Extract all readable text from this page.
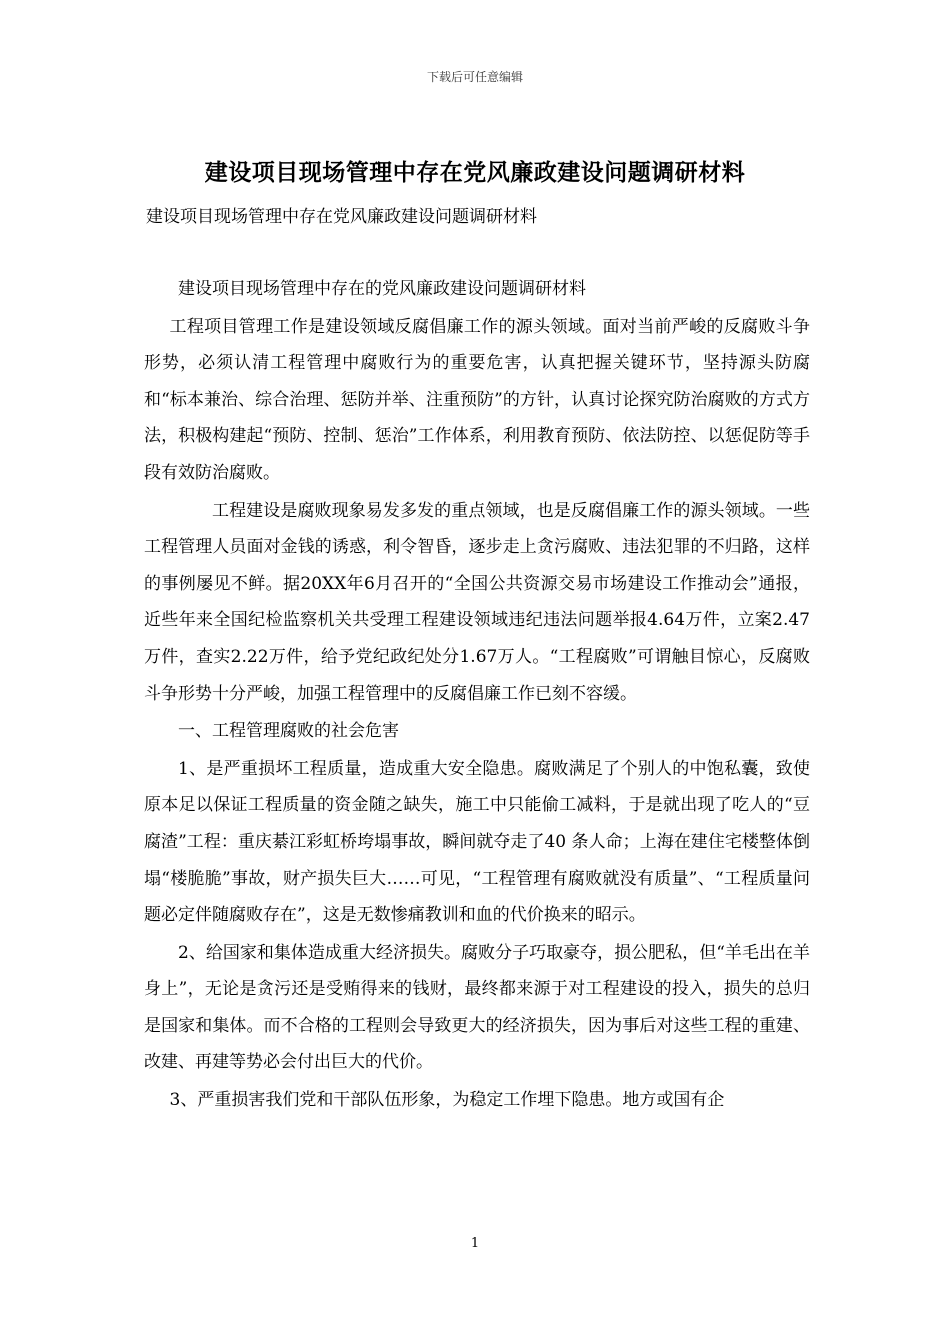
下载后可任意编辑
建设项目现场管理中存在党风廉政建设问题调研材料
建设项目现场管理中存在党风廉政建设问题调研材料

建设项目现场管理中存在的党风廉政建设问题调研材料

工程项目管理工作是建设领域反腐倡廉工作的源头领域。面对当前严峻的反腐败斗争形势，必须认清工程管理中腐败行为的重要危害，认真把握关键环节，坚持源头防腐和“标本兼治、综合治理、惩防并举、注重预防”的方针，认真讨论探究防治腐败的方式方法，积极构建起“预防、控制、惩治”工作体系，利用教育预防、依法防控、以惩促防等手段有效防治腐败。

工程建设是腐败现象易发多发的重点领域，也是反腐倡廉工作的源头领域。一些工程管理人员面对金钱的诱惑，利令智昏，逐步走上贪污腐败、违法犯罪的不归路，这样的事例屡见不鲜。据20XX年6月召开的“全国公共资源交易市场建设工作推动会”通报，近些年来全国纪检监察机关共受理工程建设领域违纪违法问题举报4.64万件，立案2.47万件，查实2.22万件，给予党纪政纪处分1.67万人。“工程腐败”可谓触目惊心，反腐败斗争形势十分严峻，加强工程管理中的反腐倡廉工作已刻不容缓。

一、工程管理腐败的社会危害

1、是严重损坏工程质量，造成重大安全隐患。腐败满足了个别人的中饱私囊，致使原本足以保证工程质量的资金随之缺失，施工中只能偷工减料，于是就出现了吃人的“豆腐渣”工程：重庆綦江彩虹桥垮塌事故，瞬间就夺走了40 条人命；上海在建住宅楼整体倒塌“楼脆脆”事故，财产损失巨大……可见，“工程管理有腐败就没有质量”、“工程质量问题必定伴随腐败存在”，这是无数惨痛教训和血的代价换来的昭示。

2、给国家和集体造成重大经济损失。腐败分子巧取豪夺，损公肥私，但“羊毛出在羊身上”，无论是贪污还是受贿得来的钱财，最终都来源于对工程建设的投入，损失的总归是国家和集体。而不合格的工程则会导致更大的经济损失，因为事后对这些工程的重建、改建、再建等势必会付出巨大的代价。

3、严重损害我们党和干部队伍形象，为稳定工作埋下隐患。地方或国有企

1
